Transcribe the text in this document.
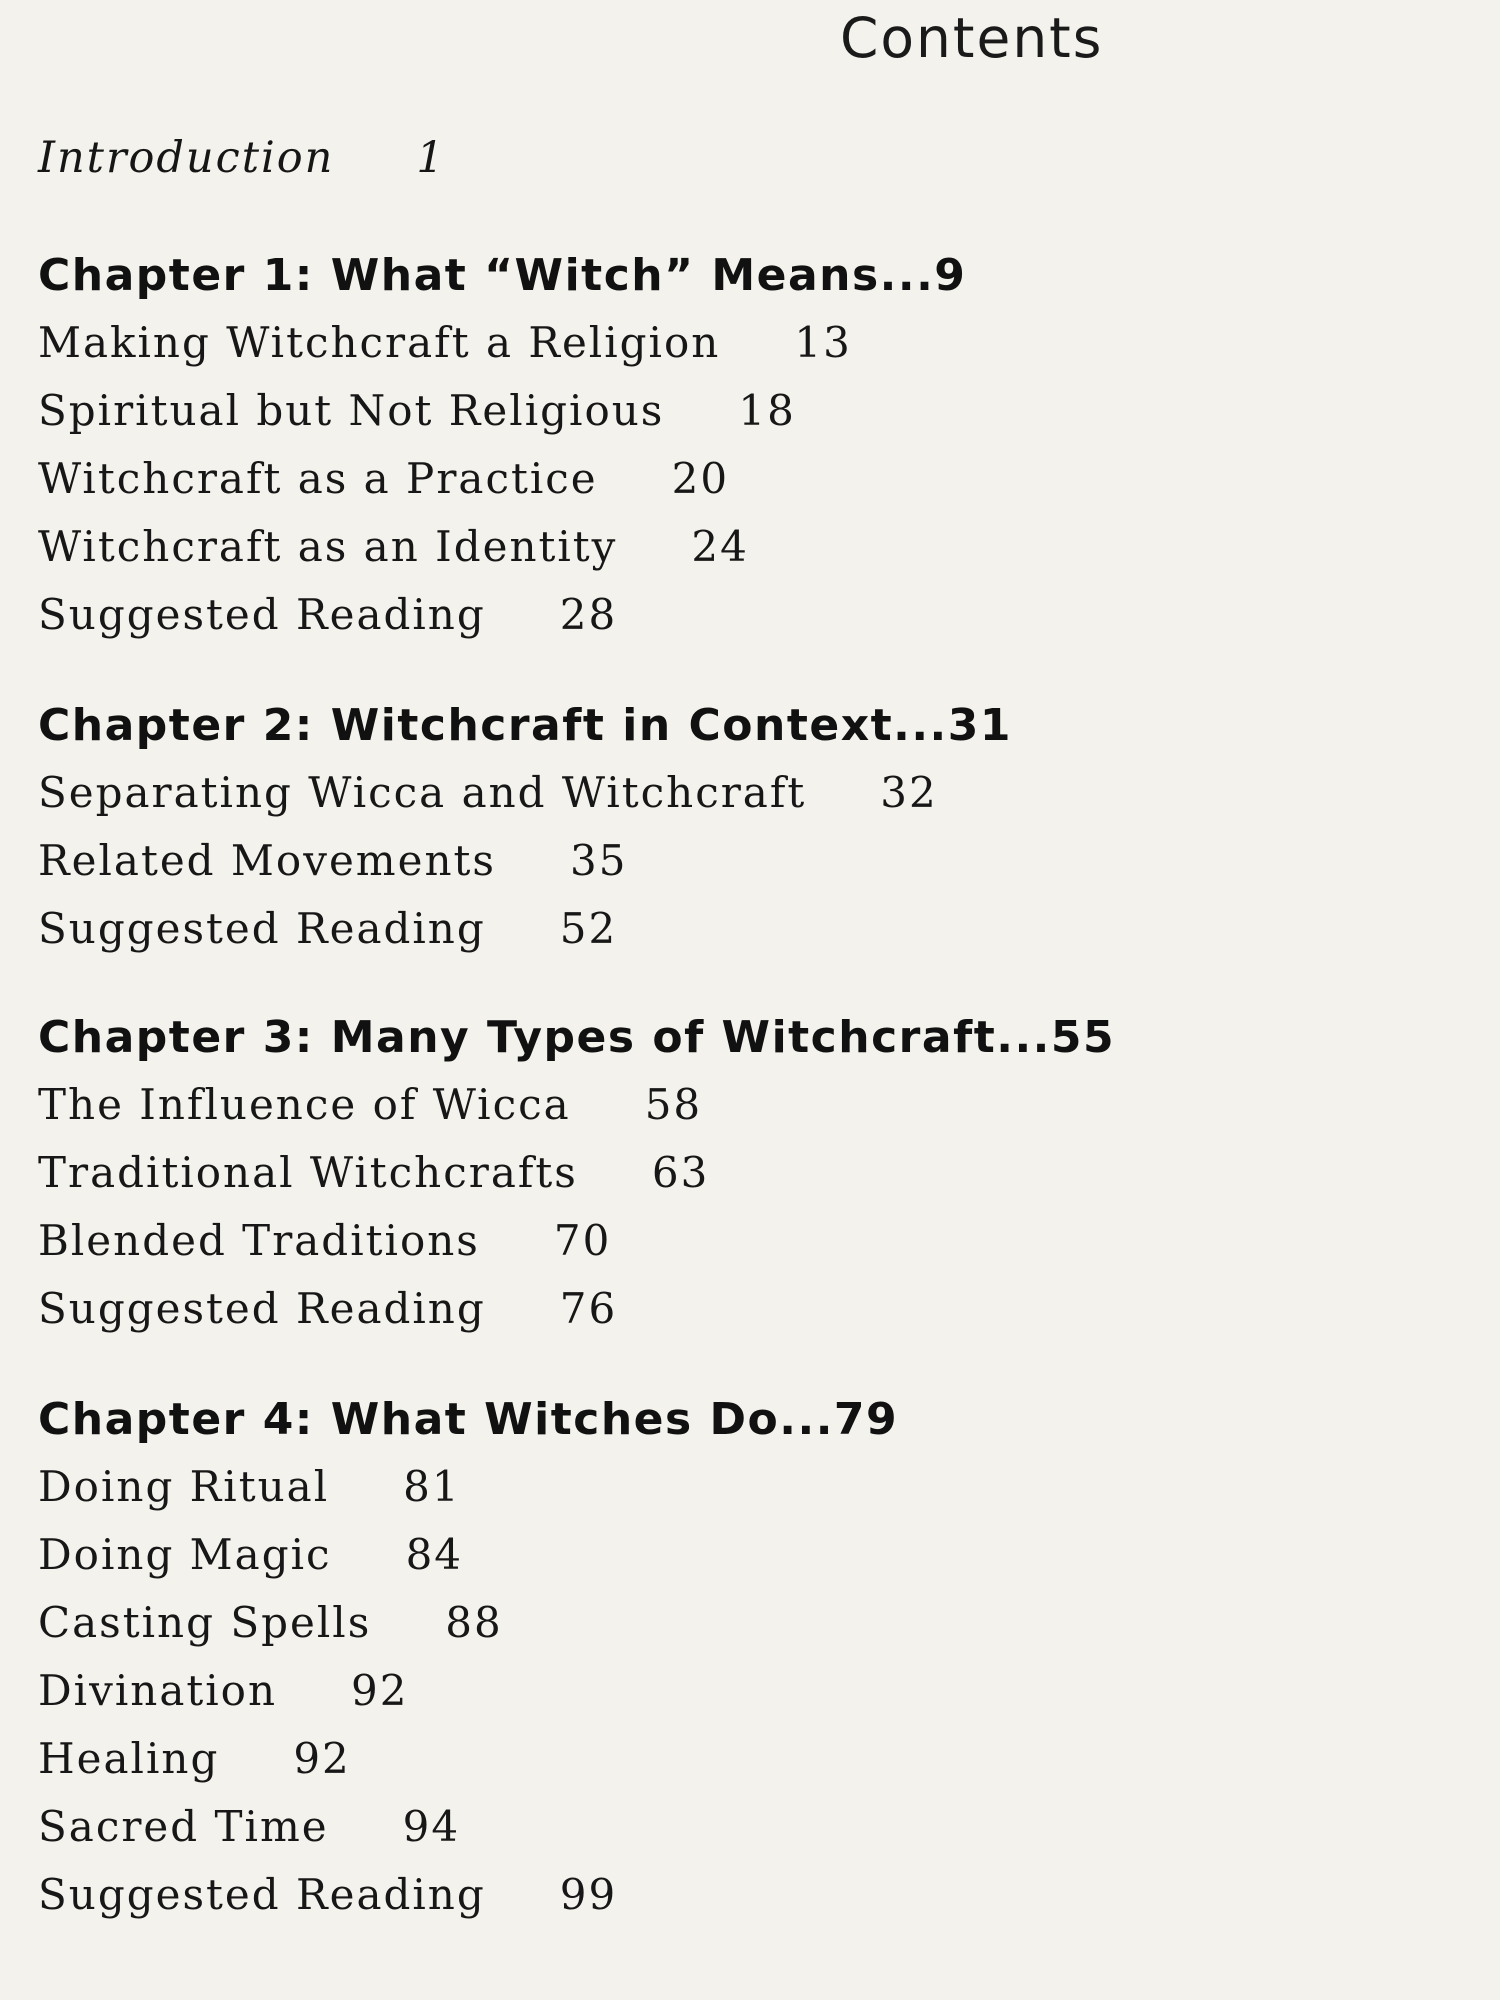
Contents
Introduction 1
Chapter 1: What “Witch” Means...9
Making Witchcraft a Religion 13
Spiritual but Not Religious 18
Witchcraft as a Practice 20
Witchcraft as an Identity 24
Suggested Reading 28
Chapter 2: Witchcraft in Context...31
Separating Wicca and Witchcraft 32
Related Movements 35
Suggested Reading 52
Chapter 3: Many Types of Witchcraft...55
The Influence of Wicca 58
Traditional Witchcrafts 63
Blended Traditions 70
Suggested Reading 76
Chapter 4: What Witches Do...79
Doing Ritual 81
Doing Magic 84
Casting Spells 88
Divination 92
Healing 92
Sacred Time 94
Suggested Reading 99
